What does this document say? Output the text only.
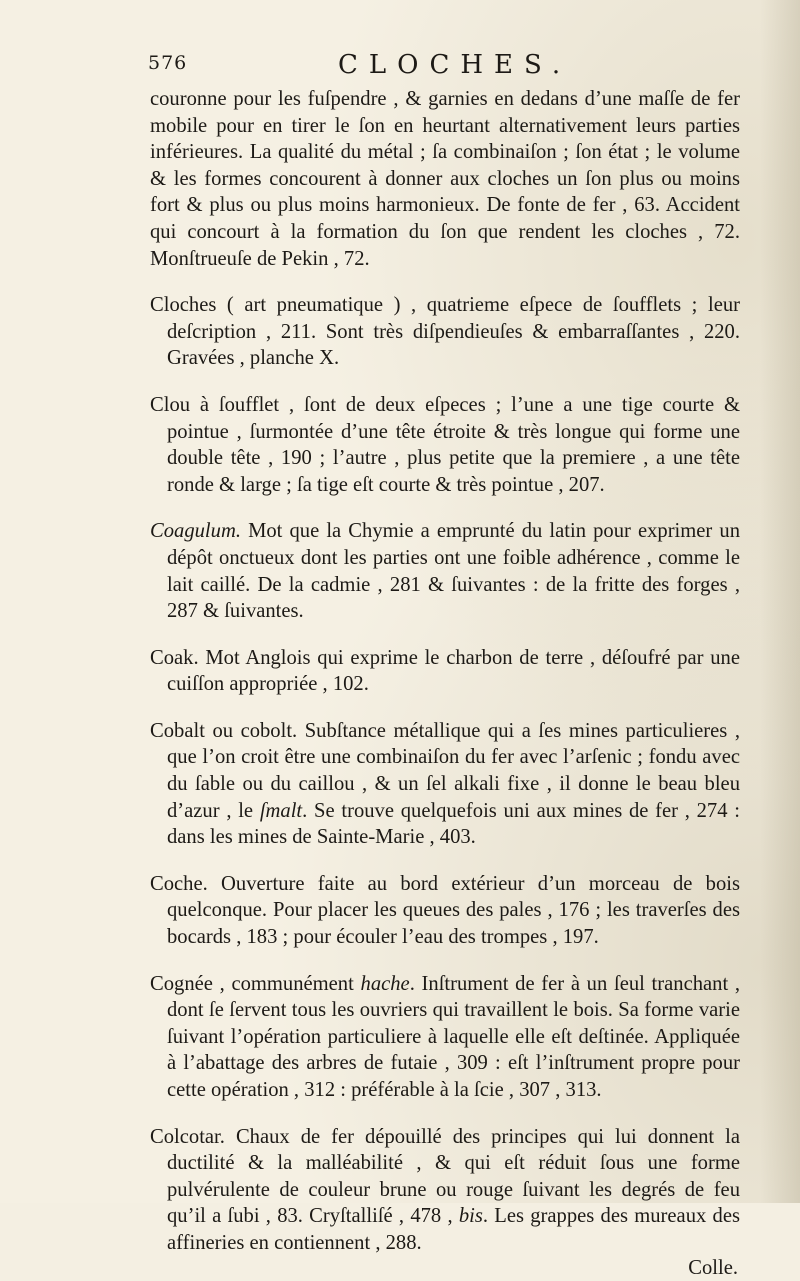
576	CLOCHES.

couronne pour les fuſpendre , & garnies en dedans d’une maſſe de fer mobile pour en tirer le ſon en heurtant alternativement leurs parties inférieures. La qualité du métal ; ſa combinaiſon ; ſon état ; le volume & les formes concourent à donner aux cloches un ſon plus ou moins fort & plus ou plus moins harmonieux. De fonte de fer , 63. Accident qui concourt à la formation du ſon que rendent les cloches , 72. Monſtrueuſe de Pekin , 72.

Cloches ( art pneumatique ) , quatrieme eſpece de ſoufflets ; leur deſcription , 211. Sont très diſpendieuſes & embarraſſantes , 220. Gravées , planche X.

Clou à ſoufflet , ſont de deux eſpeces ; l’une a une tige courte & pointue , ſurmontée d’une tête étroite & très longue qui forme une double tête , 190 ; l’autre , plus petite que la premiere , a une tête ronde & large ; ſa tige eſt courte & très pointue , 207.

Coagulum. Mot que la Chymie a emprunté du latin pour exprimer un dépôt onctueux dont les parties ont une foible adhérence , comme le lait caillé. De la cadmie , 281 & ſuivantes : de la fritte des forges , 287 & ſuivantes.

Coak. Mot Anglois qui exprime le charbon de terre , déſoufré par une cuiſſon appropriée , 102.

Cobalt ou cobolt. Subſtance métallique qui a ſes mines particulieres , que l’on croit être une combinaiſon du fer avec l’arſenic ; fondu avec du ſable ou du caillou , & un ſel alkali fixe , il donne le beau bleu d’azur , le ſmalt. Se trouve quelquefois uni aux mines de fer , 274 : dans les mines de Sainte-Marie , 403.

Coche. Ouverture faite au bord extérieur d’un morceau de bois quelconque. Pour placer les queues des pales , 176 ; les traverſes des bocards , 183 ; pour écouler l’eau des trompes , 197.

Cognée , communément hache. Inſtrument de fer à un ſeul tranchant , dont ſe ſervent tous les ouvriers qui travaillent le bois. Sa forme varie ſuivant l’opération particuliere à laquelle elle eſt deſtinée. Appliquée à l’abattage des arbres de futaie , 309 : eſt l’inſtrument propre pour cette opération , 312 : préférable à la ſcie , 307 , 313.

Colcotar. Chaux de fer dépouillé des principes qui lui donnent la ductilité & la malléabilité , & qui eſt réduit ſous une forme pulvérulente de couleur brune ou rouge ſuivant les degrés de feu qu’il a ſubi , 83. Cryſtalliſé , 478 , bis. Les grappes des mureaux des affineries en contiennent , 288.

Colle.
